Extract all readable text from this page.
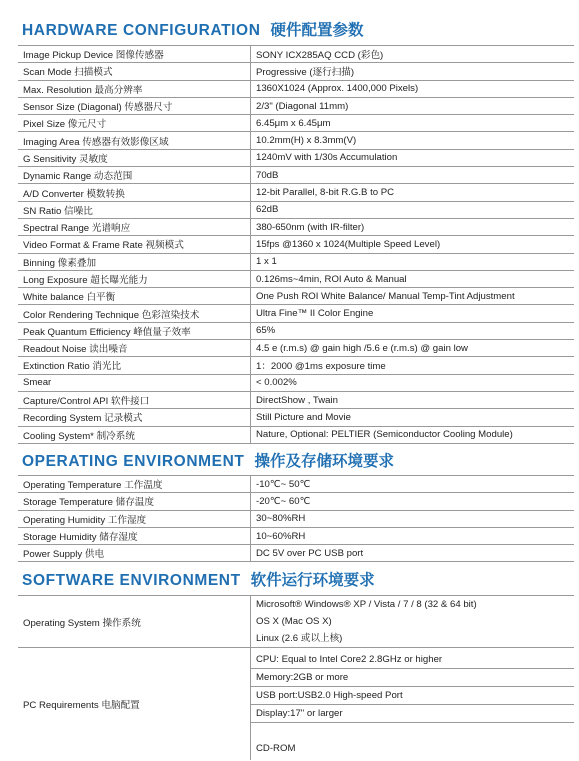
HARDWARE CONFIGURATION 硬件配置参数
Image Pickup Device 图像传感器	SONY ICX285AQ CCD (彩色)
Scan Mode 扫描模式	Progressive (逐行扫描)
Max. Resolution 最高分辨率	1360X1024 (Approx. 1400,000 Pixels)
Sensor Size (Diagonal) 传感器尺寸	2/3" (Diagonal 11mm)
Pixel Size 像元尺寸	6.45μm x 6.45μm
Imaging Area 传感器有效影像区域	10.2mm(H) x 8.3mm(V)
G Sensitivity 灵敏度	1240mV with 1/30s Accumulation
Dynamic Range 动态范围	70dB
A/D Converter 模数转换	12-bit Parallel, 8-bit R.G.B to PC
SN Ratio 信噪比	62dB
Spectral Range 光谱响应	380-650nm (with IR-filter)
Video Format & Frame Rate 视频模式	15fps @1360 x 1024(Multiple Speed Level)
Binning 像素叠加	1 x 1
Long Exposure 超长曝光能力	0.126ms~4min, ROI Auto & Manual
White balance 白平衡	One Push ROI White Balance/ Manual Temp-Tint Adjustment
Color Rendering Technique 色彩渲染技术	Ultra Fine™ II Color Engine
Peak Quantum Efficiency 峰值量子效率	65%
Readout Noise 读出噪音	4.5 e (r.m.s) @ gain high /5.6 e (r.m.s) @ gain low
Extinction Ratio 消光比	1：2000 @1ms exposure time
Smear	< 0.002%
Capture/Control API 软件接口	DirectShow , Twain
Recording System 记录模式	Still Picture and Movie
Cooling System* 制冷系统	Nature, Optional: PELTIER (Semiconductor Cooling Module)
OPERATING ENVIRONMENT 操作及存储环境要求
Operating Temperature 工作温度	-10℃~ 50℃
Storage Temperature 储存温度	-20℃~ 60℃
Operating Humidity 工作湿度	30~80%RH
Storage Humidity 储存湿度	10~60%RH
Power Supply 供电	DC 5V over PC USB port
SOFTWARE ENVIRONMENT 软件运行环境要求
Operating System 操作系统	Microsoft® Windows® XP / Vista / 7 / 8 (32 & 64 bit)
OS X (Mac OS X)
Linux (2.6 或以上核)

PC Requirements 电脑配置	CPU: Equal to Intel Core2 2.8GHz or higher
Memory:2GB or more
USB port:USB2.0 High-speed Port
Display:17" or larger
CD-ROM
